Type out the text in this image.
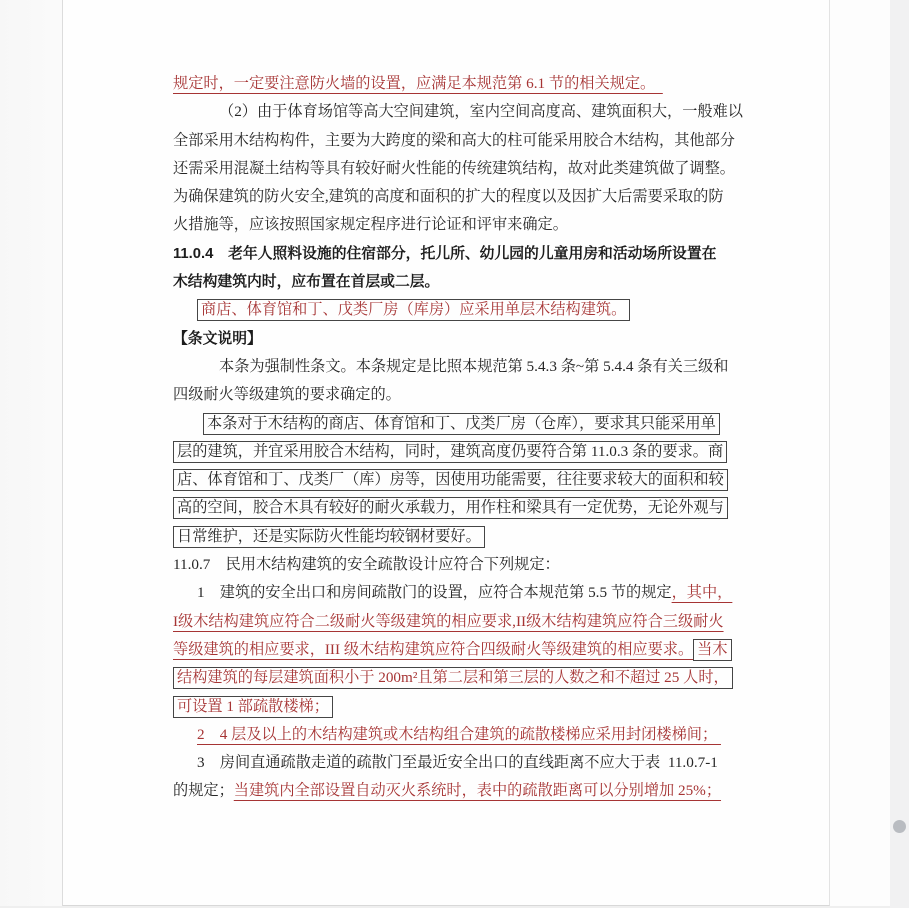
规定时，一定要注意防火墙的设置，应满足本规范第 6.1 节的相关规定。
（2）由于体育场馆等高大空间建筑，室内空间高度高、建筑面积大，一般难以
全部采用木结构构件，主要为大跨度的梁和高大的柱可能采用胶合木结构，其他部分
还需采用混凝土结构等具有较好耐火性能的传统建筑结构，故对此类建筑做了调整。
为确保建筑的防火安全,建筑的高度和面积的扩大的程度以及因扩大后需要采取的防
火措施等，应该按照国家规定程序进行论证和评审来确定。
11.0.4　老年人照料设施的住宿部分，托儿所、幼儿园的儿童用房和活动场所设置在
木结构建筑内时，应布置在首层或二层。
商店、体育馆和丁、戊类厂房（库房）应采用单层木结构建筑。
【条文说明】
本条为强制性条文。本条规定是比照本规范第 5.4.3 条~第 5.4.4 条有关三级和
四级耐火等级建筑的要求确定的。
本条对于木结构的商店、体育馆和丁、戊类厂房（仓库），要求其只能采用单
层的建筑，并宜采用胶合木结构，同时，建筑高度仍要符合第 11.0.3 条的要求。商
店、体育馆和丁、戊类厂（库）房等，因使用功能需要，往往要求较大的面积和较
高的空间，胶合木具有较好的耐火承载力，用作柱和梁具有一定优势，无论外观与
日常维护，还是实际防火性能均较钢材要好。
11.0.7　民用木结构建筑的安全疏散设计应符合下列规定：
1　建筑的安全出口和房间疏散门的设置，应符合本规范第 5.5 节的规定，其中，
I级木结构建筑应符合二级耐火等级建筑的相应要求,II级木结构建筑应符合三级耐火
等级建筑的相应要求，III 级木结构建筑应符合四级耐火等级建筑的相应要求。 当木
结构建筑的每层建筑面积小于 200m²且第二层和第三层的人数之和不超过 25 人时，
可设置 1 部疏散楼梯；
2　4 层及以上的木结构建筑或木结构组合建筑的疏散楼梯应采用封闭楼梯间；
3　房间直通疏散走道的疏散门至最近安全出口的直线距离不应大于表  11.0.7-1
的规定；当建筑内全部设置自动灭火系统时，表中的疏散距离可以分别增加 25%；
